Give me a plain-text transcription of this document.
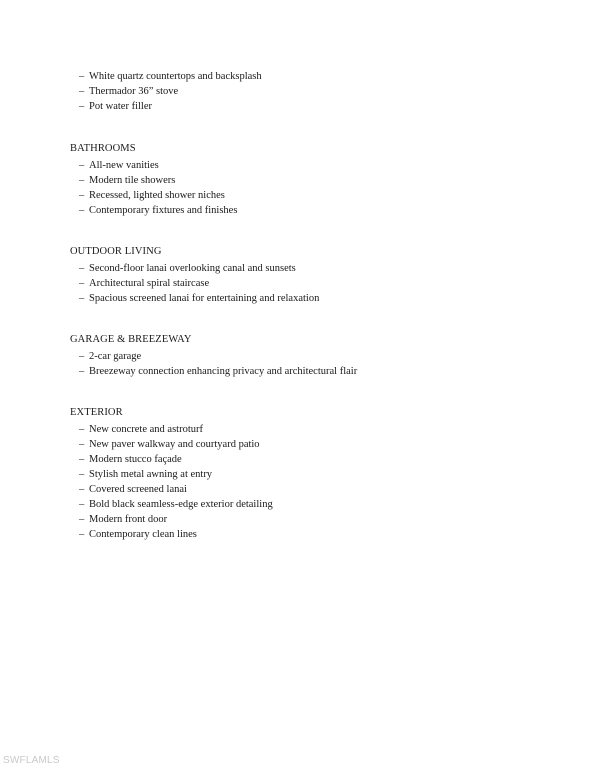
– White quartz countertops and backsplash
– Thermador 36” stove
– Pot water filler
BATHROOMS
– All-new vanities
– Modern tile showers
– Recessed, lighted shower niches
– Contemporary fixtures and finishes
OUTDOOR LIVING
– Second-floor lanai overlooking canal and sunsets
– Architectural spiral staircase
– Spacious screened lanai for entertaining and relaxation
GARAGE & BREEZEWAY
– 2-car garage
– Breezeway connection enhancing privacy and architectural flair
EXTERIOR
– New concrete and astroturf
– New paver walkway and courtyard patio
– Modern stucco façade
– Stylish metal awning at entry
– Covered screened lanai
– Bold black seamless-edge exterior detailing
– Modern front door
– Contemporary clean lines
SWFLAMLS
